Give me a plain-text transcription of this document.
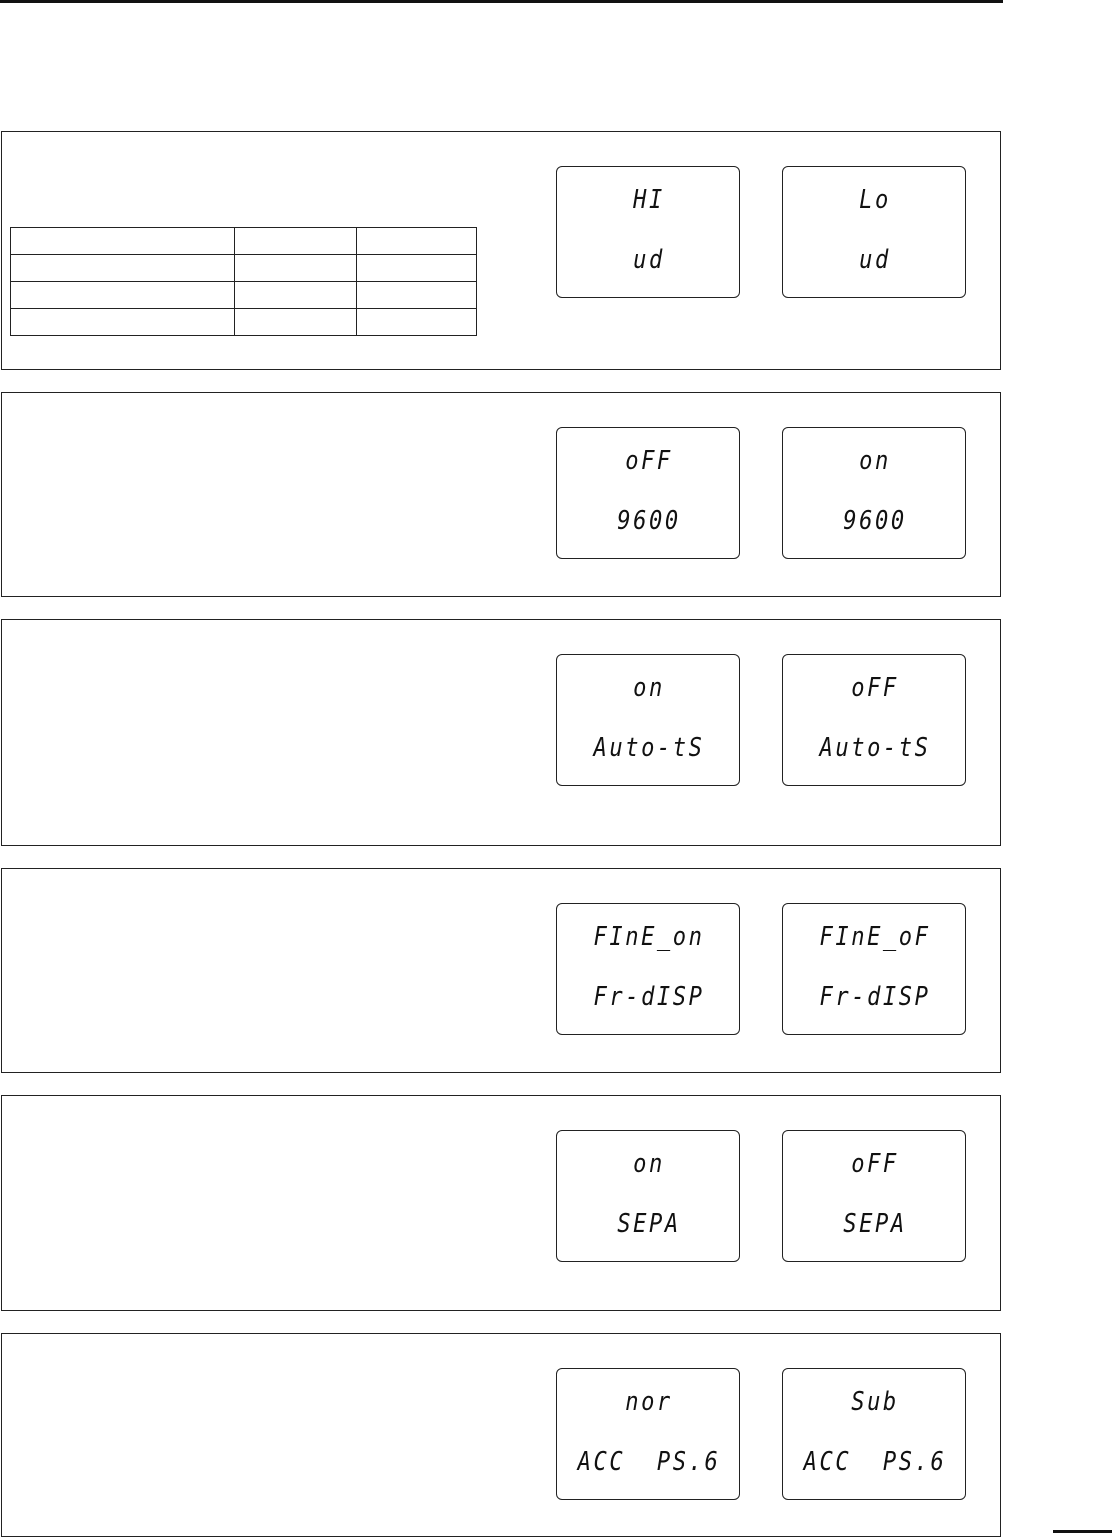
HI
ud
Lo
ud
oFF
9600
on
9600
on
Auto-tS
oFF
Auto-tS
FInE_on
Fr-dISP
FInE_oF
Fr-dISP
on
SEPA
oFF
SEPA
nor
ACC  PS.6
Sub
ACC  PS.6
